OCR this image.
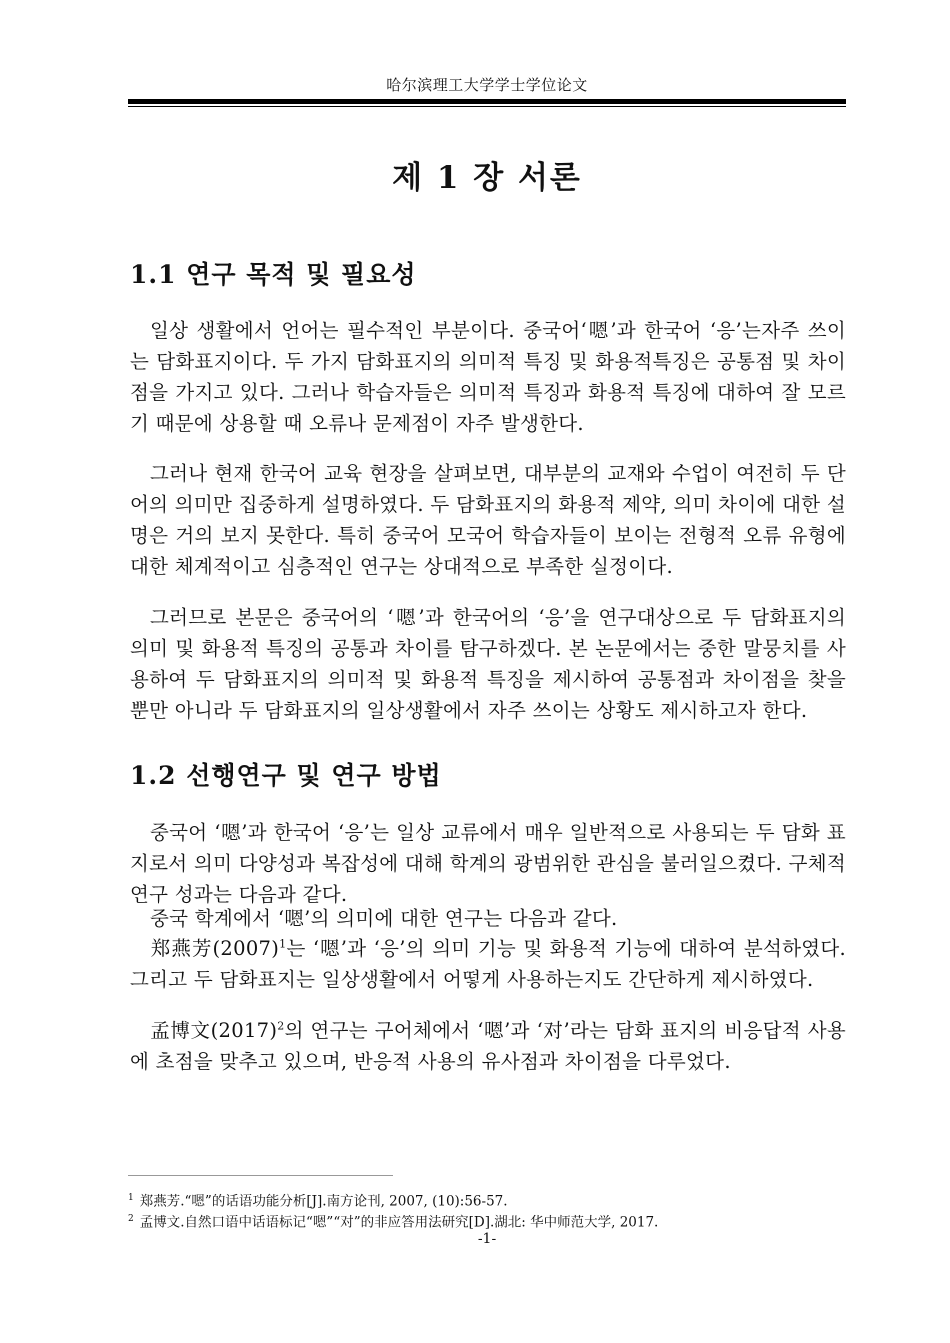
哈尔滨理工大学学士学位论文
제 1 장 서론
1.1 연구 목적 및 필요성

일상 생활에서 언어는 필수적인 부분이다. 중국어‘嗯’과 한국어 ‘응’는자주 쓰이는 담화표지이다. 두 가지 담화표지의 의미적 특징 및 화용적특징은 공통점 및 차이점을 가지고 있다. 그러나 학습자들은 의미적 특징과 화용적 특징에 대하여 잘 모르기 때문에 상용할 때 오류나 문제점이 자주 발생한다.

그러나 현재 한국어 교육 현장을 살펴보면, 대부분의 교재와 수업이 여전히 두 단어의 의미만 집중하게 설명하였다. 두 담화표지의 화용적 제약, 의미 차이에 대한 설명은 거의 보지 못한다. 특히 중국어 모국어 학습자들이 보이는 전형적 오류 유형에 대한 체계적이고 심층적인 연구는 상대적으로 부족한 실정이다.

그러므로 본문은 중국어의 ‘嗯’과 한국어의 ‘응’을 연구대상으로 두 담화표지의 의미 및 화용적 특징의 공통과 차이를 탐구하겠다. 본 논문에서는 중한 말뭉치를 사용하여 두 담화표지의 의미적 및 화용적 특징을 제시하여 공통점과 차이점을 찾을 뿐만 아니라 두 담화표지의 일상생활에서 자주 쓰이는 상황도 제시하고자 한다.

1.2 선행연구 및 연구 방법

중국어 ‘嗯’과 한국어 ‘응’는 일상 교류에서 매우 일반적으로 사용되는 두 담화 표지로서 의미 다양성과 복잡성에 대해 학계의 광범위한 관심을 불러일으켰다. 구체적 연구 성과는 다음과 같다.

중국 학계에서 ‘嗯’의 의미에 대한 연구는 다음과 같다.

郑燕芳(2007)$^1$는 ‘嗯’과 ‘응’의 의미 기능 및 화용적 기능에 대하여 분석하였다. 그리고 두 담화표지는 일상생활에서 어떻게 사용하는지도 간단하게 제시하였다.

孟博文(2017)$^2$의 연구는 구어체에서 ‘嗯’과 ‘对’라는 담화 표지의 비응답적 사용에 초점을 맞추고 있으며, 반응적 사용의 유사점과 차이점을 다루었다.

$^1$ 郑燕芳.“嗯”的话语功能分析[J].南方论刊, 2007, (10):56-57.
$^2$ 孟博文.自然口语中话语标记“嗯”“对”的非应答用法研究[D].湖北: 华中师范大学, 2017.
-1-
